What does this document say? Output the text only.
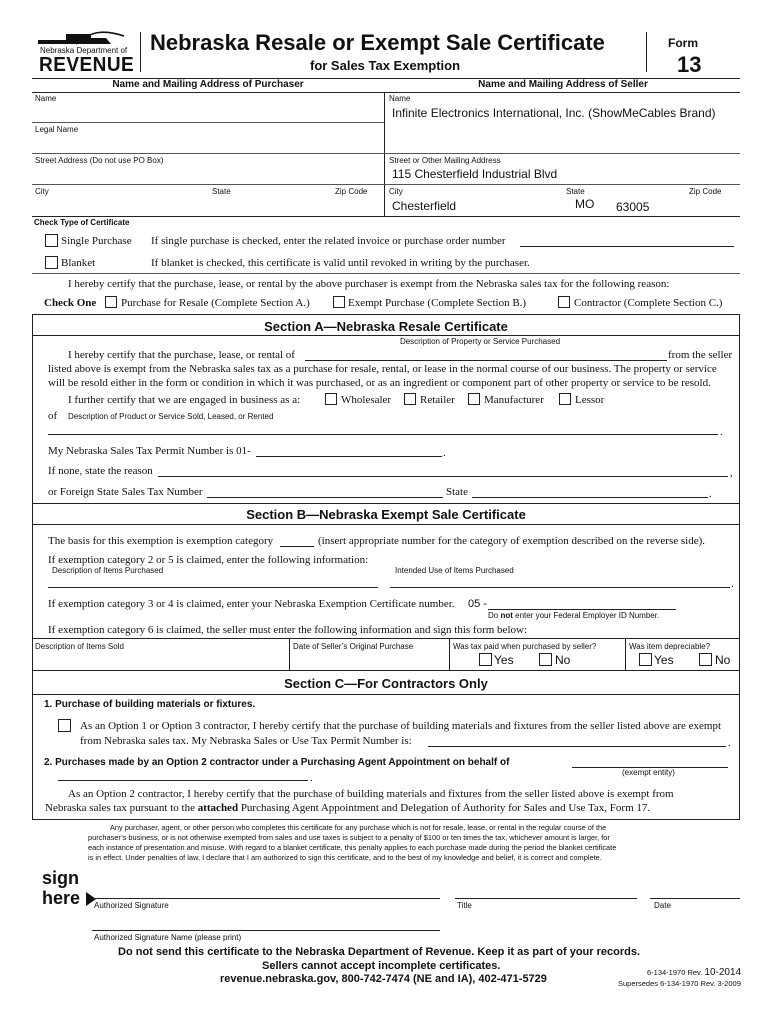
Nebraska Department of
REVENUE
Nebraska Resale or Exempt Sale Certificate
for Sales Tax Exemption
Form
13
Name and Mailing Address of Purchaser	Name and Mailing Address of Seller
Name
Legal Name
Street Address (Do not use PO Box)
City	State	Zip Code
Name
Infinite Electronics International, Inc. (ShowMeCables Brand)
Street or Other Mailing Address
115 Chesterfield Industrial Blvd
City	State	Zip Code
Chesterfield	MO 63005
Check Type of Certificate
Single Purchase If single purchase is checked, enter the related invoice or purchase order number
Blanket	If blanket is checked, this certificate is valid until revoked in writing by the purchaser.
I hereby certify that the purchase, lease, or rental by the above purchaser is exempt from the Nebraska sales tax for the following reason:
Check One Purchase for Resale (Complete Section A.)	Exempt Purchase (Complete Section B.)	Contractor (Complete Section C.)
Section A—Nebraska Resale Certificate
Description of Property or Service Purchased
I hereby certify that the purchase, lease, or rental of	from the seller
listed above is exempt from the Nebraska sales tax as a purchase for resale, rental, or lease in the normal course of our business. The property or service
will be resold either in the form or condition in which it was purchased, or as an ingredient or component part of other property or service to be resold.
I further certify that we are engaged in business as a:	Wholesaler	Retailer	Manufacturer	Lessor
of Description of Product or Service Sold, Leased, or Rented
.
My Nebraska Sales Tax Permit Number is 01-	.
If none, state the reason	,
or Foreign State Sales Tax Number	State	.
Section B—Nebraska Exempt Sale Certificate
The basis for this exemption is exemption category	(insert appropriate number for the category of exemption described on the reverse side).
If exemption category 2 or 5 is claimed, enter the following information:
Description of Items Purchased	Intended Use of Items Purchased
.
If exemption category 3 or 4 is claimed, enter your Nebraska Exemption Certificate number. 05 -
Do not enter your Federal Employer ID Number.
If exemption category 6 is claimed, the seller must enter the following information and sign this form below:
Description of Items Sold	Date of Seller’s Original Purchase	Was tax paid when purchased by seller?	Was item depreciable?
Yes	No	Yes	No
Section C—For Contractors Only
1. Purchase of building materials or fixtures.
As an Option 1 or Option 3 contractor, I hereby certify that the purchase of building materials and fixtures from the seller listed above are exempt
from Nebraska sales tax. My Nebraska Sales or Use Tax Permit Number is:	.
2. Purchases made by an Option 2 contractor under a Purchasing Agent Appointment on behalf of
(exempt entity)
.
As an Option 2 contractor, I hereby certify that the purchase of building materials and fixtures from the seller listed above is exempt from
Nebraska sales tax pursuant to the attached Purchasing Agent Appointment and Delegation of Authority for Sales and Use Tax, Form 17.
Any purchaser, agent, or other person who completes this certificate for any purchase which is not for resale, lease, or rental in the regular course of the
purchaser’s business, or is not otherwise exempted from sales and use taxes is subject to a penalty of $100 or ten times the tax, whichever amount is larger, for
each instance of presentation and misuse. With regard to a blanket certificate, this penalty applies to each purchase made during the period the blanket certificate
is in effect. Under penalties of law, I declare that I am authorized to sign this certificate, and to the best of my knowledge and belief, it is correct and complete.
sign
here Authorized Signature	Title	Date
Authorized Signature Name (please print)
Do not send this certificate to the Nebraska Department of Revenue. Keep it as part of your records.
Sellers cannot accept incomplete certificates.
revenue.nebraska.gov, 800-742-7474 (NE and IA), 402-471-5729
6-134-1970 Rev. 10-2014
Supersedes 6-134-1970 Rev. 3-2009
